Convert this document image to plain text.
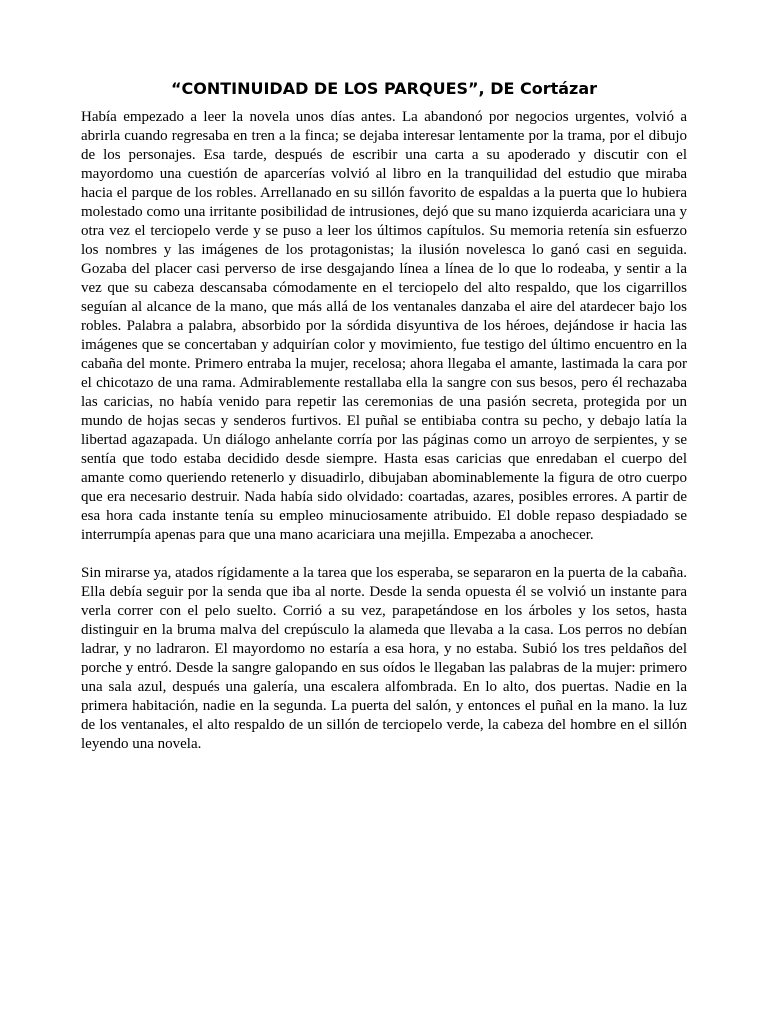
“CONTINUIDAD DE LOS PARQUES”, DE Cortázar

Había empezado a leer la novela unos días antes. La abandonó por negocios urgentes, volvió a abrirla cuando regresaba en tren a la finca; se dejaba interesar lentamente por la trama, por el dibujo de los personajes. Esa tarde, después de escribir una carta a su apoderado y discutir con el mayordomo una cuestión de aparcerías volvió al libro en la tranquilidad del estudio que miraba hacia el parque de los robles. Arrellanado en su sillón favorito de espaldas a la puerta que lo hubiera molestado como una irritante posibilidad de intrusiones, dejó que su mano izquierda acariciara una y otra vez el terciopelo verde y se puso a leer los últimos capítulos. Su memoria retenía sin esfuerzo los nombres y las imágenes de los protagonistas; la ilusión novelesca lo ganó casi en seguida. Gozaba del placer casi perverso de irse desgajando línea a línea de lo que lo rodeaba, y sentir a la vez que su cabeza descansaba cómodamente en el terciopelo del alto respaldo, que los cigarrillos seguían al alcance de la mano, que más allá de los ventanales danzaba el aire del atardecer bajo los robles. Palabra a palabra, absorbido por la sórdida disyuntiva de los héroes, dejándose ir hacia las imágenes que se concertaban y adquirían color y movimiento, fue testigo del último encuentro en la cabaña del monte. Primero entraba la mujer, recelosa; ahora llegaba el amante, lastimada la cara por el chicotazo de una rama. Admirablemente restallaba ella la sangre con sus besos, pero él rechazaba las caricias, no había venido para repetir las ceremonias de una pasión secreta, protegida por un mundo de hojas secas y senderos furtivos. El puñal se entibiaba contra su pecho, y debajo latía la libertad agazapada. Un diálogo anhelante corría por las páginas como un arroyo de serpientes, y se sentía que todo estaba decidido desde siempre. Hasta esas caricias que enredaban el cuerpo del amante como queriendo retenerlo y disuadirlo, dibujaban abominablemente la figura de otro cuerpo que era necesario destruir. Nada había sido olvidado: coartadas, azares, posibles errores. A partir de esa hora cada instante tenía su empleo minuciosamente atribuido. El doble repaso despiadado se interrumpía apenas para que una mano acariciara una mejilla. Empezaba a anochecer.

Sin mirarse ya, atados rígidamente a la tarea que los esperaba, se separaron en la puerta de la cabaña. Ella debía seguir por la senda que iba al norte. Desde la senda opuesta él se volvió un instante para verla correr con el pelo suelto. Corrió a su vez, parapetándose en los árboles y los setos, hasta distinguir en la bruma malva del crepúsculo la alameda que llevaba a la casa. Los perros no debían ladrar, y no ladraron. El mayordomo no estaría a esa hora, y no estaba. Subió los tres peldaños del porche y entró. Desde la sangre galopando en sus oídos le llegaban las palabras de la mujer: primero una sala azul, después una galería, una escalera alfombrada. En lo alto, dos puertas. Nadie en la primera habitación, nadie en la segunda. La puerta del salón, y entonces el puñal en la mano. la luz de los ventanales, el alto respaldo de un sillón de terciopelo verde, la cabeza del hombre en el sillón leyendo una novela.
